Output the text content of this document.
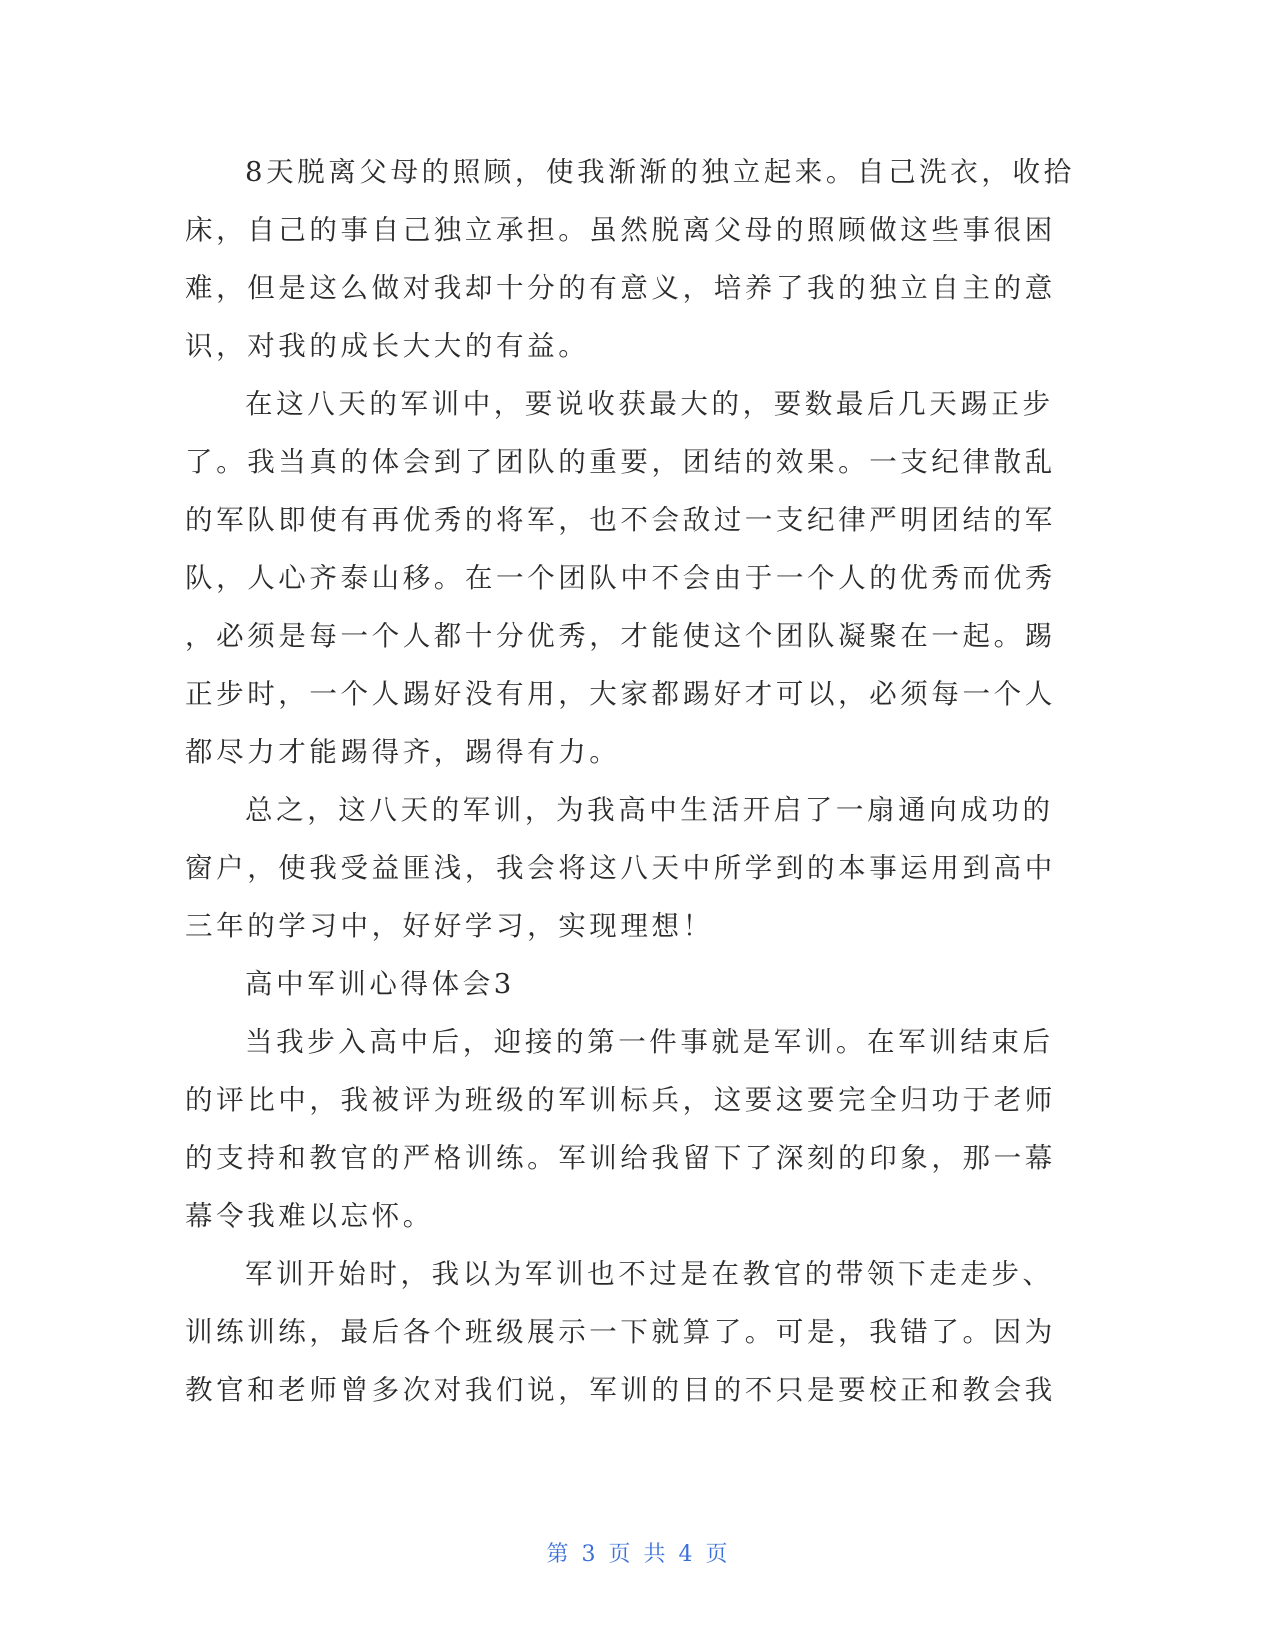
8天脱离父母的照顾，使我渐渐的独立起来。自己洗衣，收拾
床，自己的事自己独立承担。虽然脱离父母的照顾做这些事很困
难，但是这么做对我却十分的有意义，培养了我的独立自主的意
识，对我的成长大大的有益。
在这八天的军训中，要说收获最大的，要数最后几天踢正步
了。我当真的体会到了团队的重要，团结的效果。一支纪律散乱
的军队即使有再优秀的将军，也不会敌过一支纪律严明团结的军
队，人心齐泰山移。在一个团队中不会由于一个人的优秀而优秀
，必须是每一个人都十分优秀，才能使这个团队凝聚在一起。踢
正步时，一个人踢好没有用，大家都踢好才可以，必须每一个人
都尽力才能踢得齐，踢得有力。
总之，这八天的军训，为我高中生活开启了一扇通向成功的
窗户，使我受益匪浅，我会将这八天中所学到的本事运用到高中
三年的学习中，好好学习，实现理想！
高中军训心得体会3
当我步入高中后，迎接的第一件事就是军训。在军训结束后
的评比中，我被评为班级的军训标兵，这要这要完全归功于老师
的支持和教官的严格训练。军训给我留下了深刻的印象，那一幕
幕令我难以忘怀。
军训开始时，我以为军训也不过是在教官的带领下走走步、
训练训练，最后各个班级展示一下就算了。可是，我错了。因为
教官和老师曾多次对我们说，军训的目的不只是要校正和教会我
第 3 页 共 4 页
